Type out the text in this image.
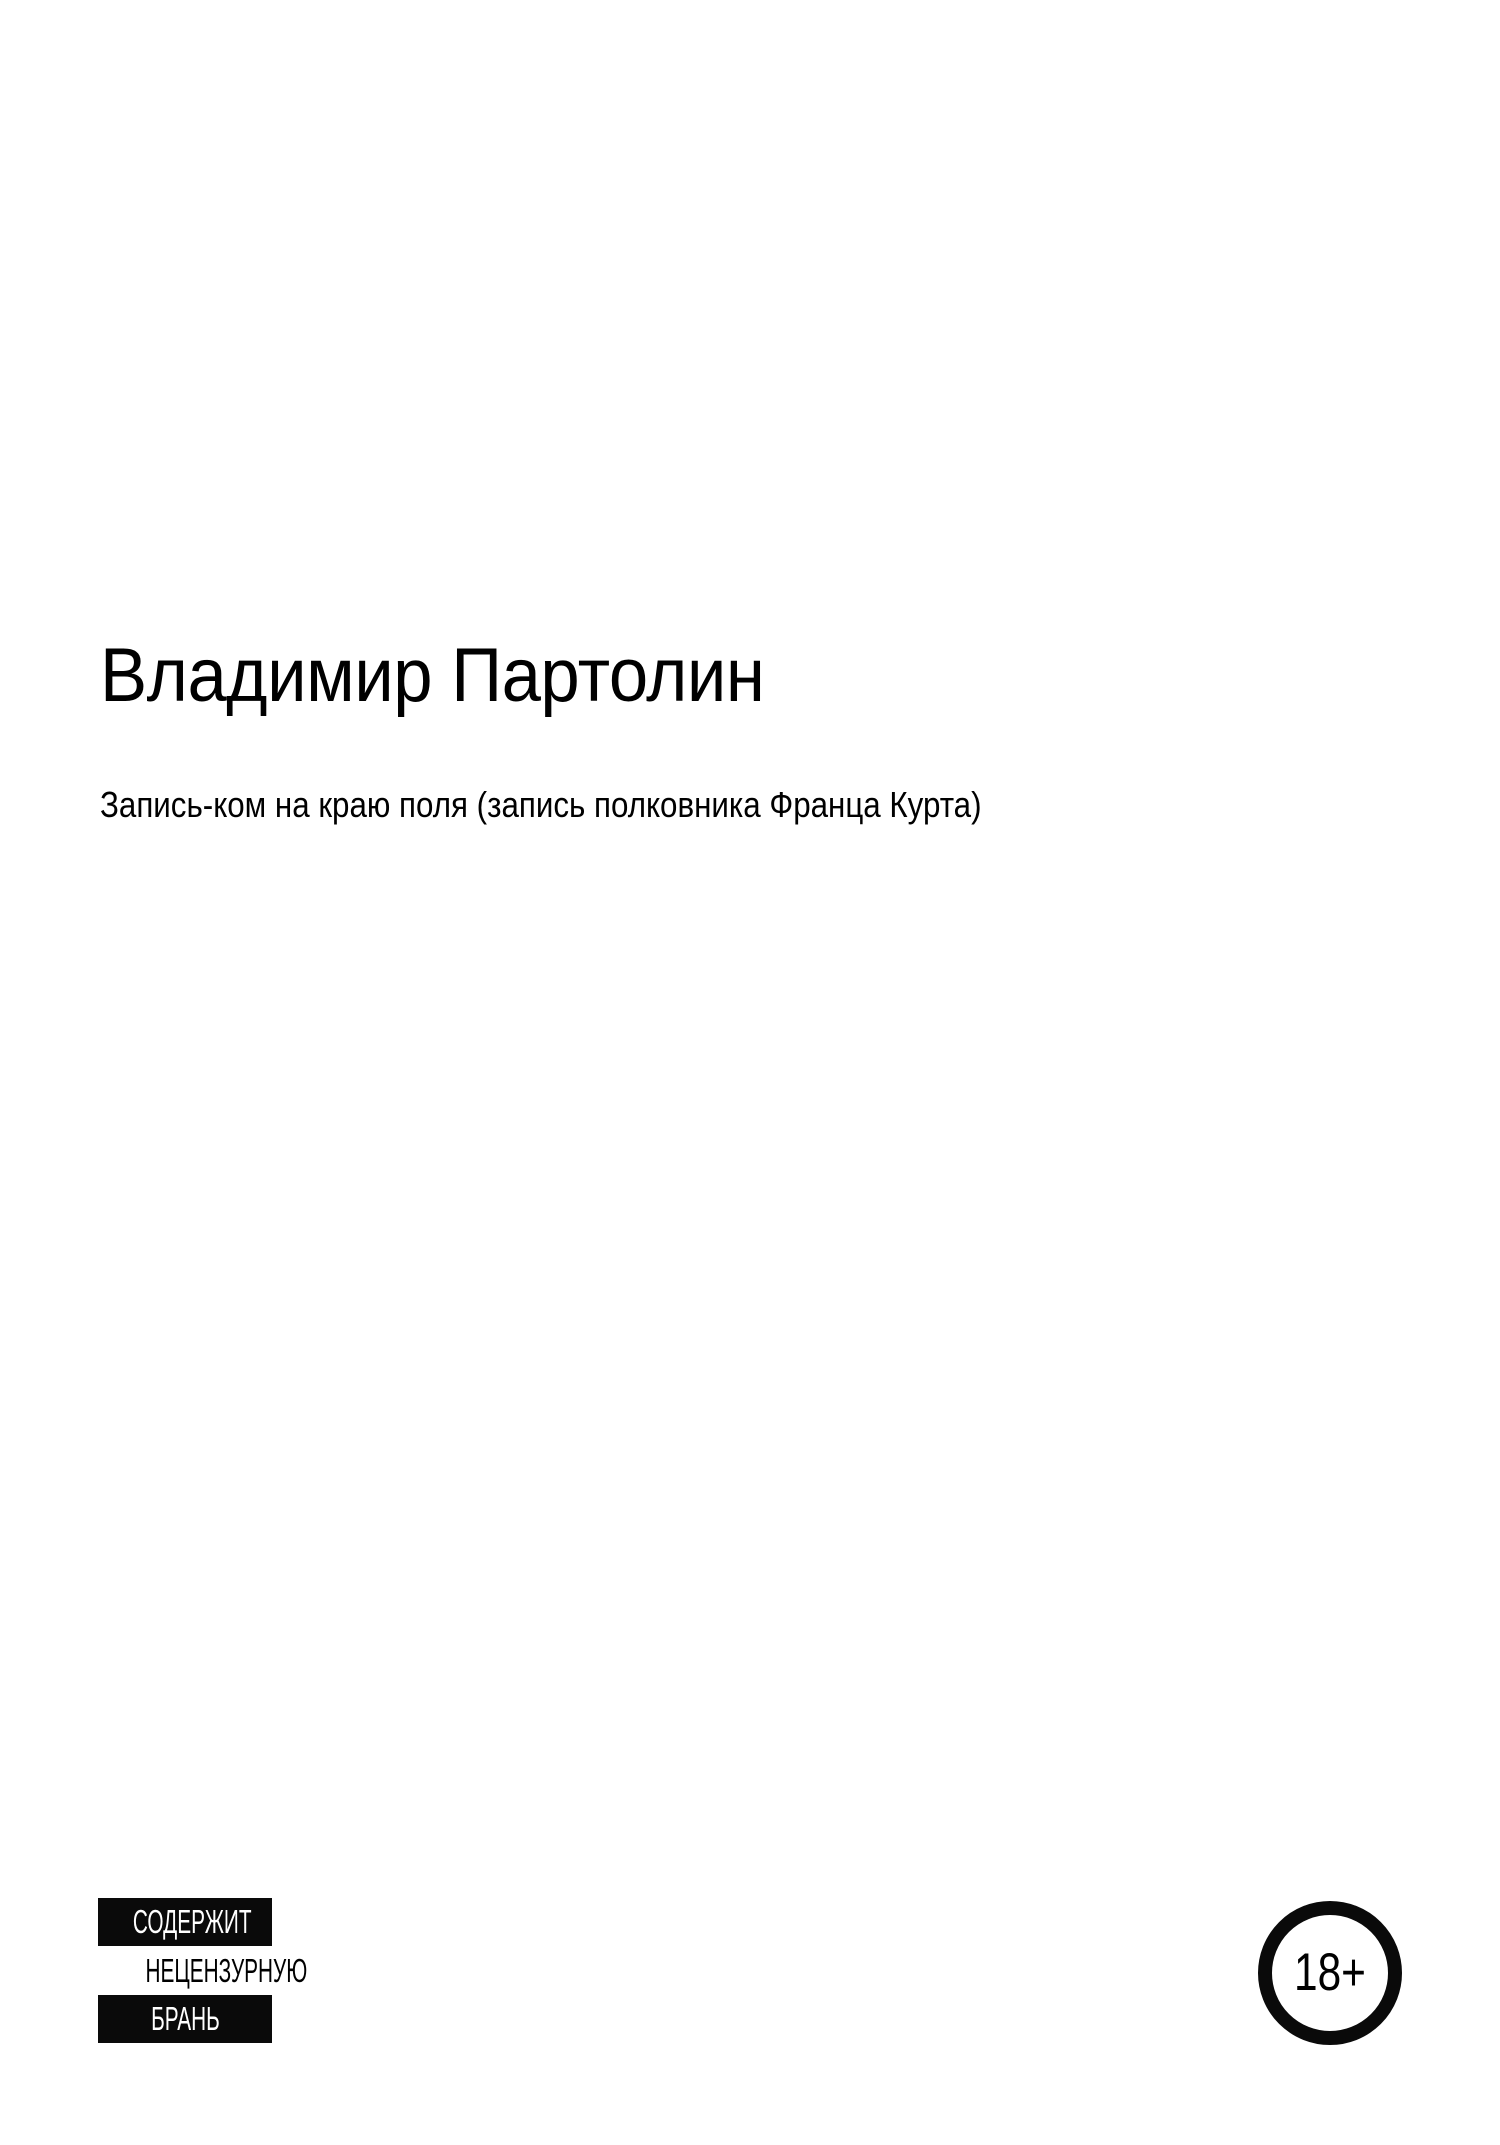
Владимир Партолин
Запись-ком на краю поля (запись полковника Франца Курта)
СОДЕРЖИТ
НЕЦЕНЗУРНУЮ
БРАНЬ
18+
